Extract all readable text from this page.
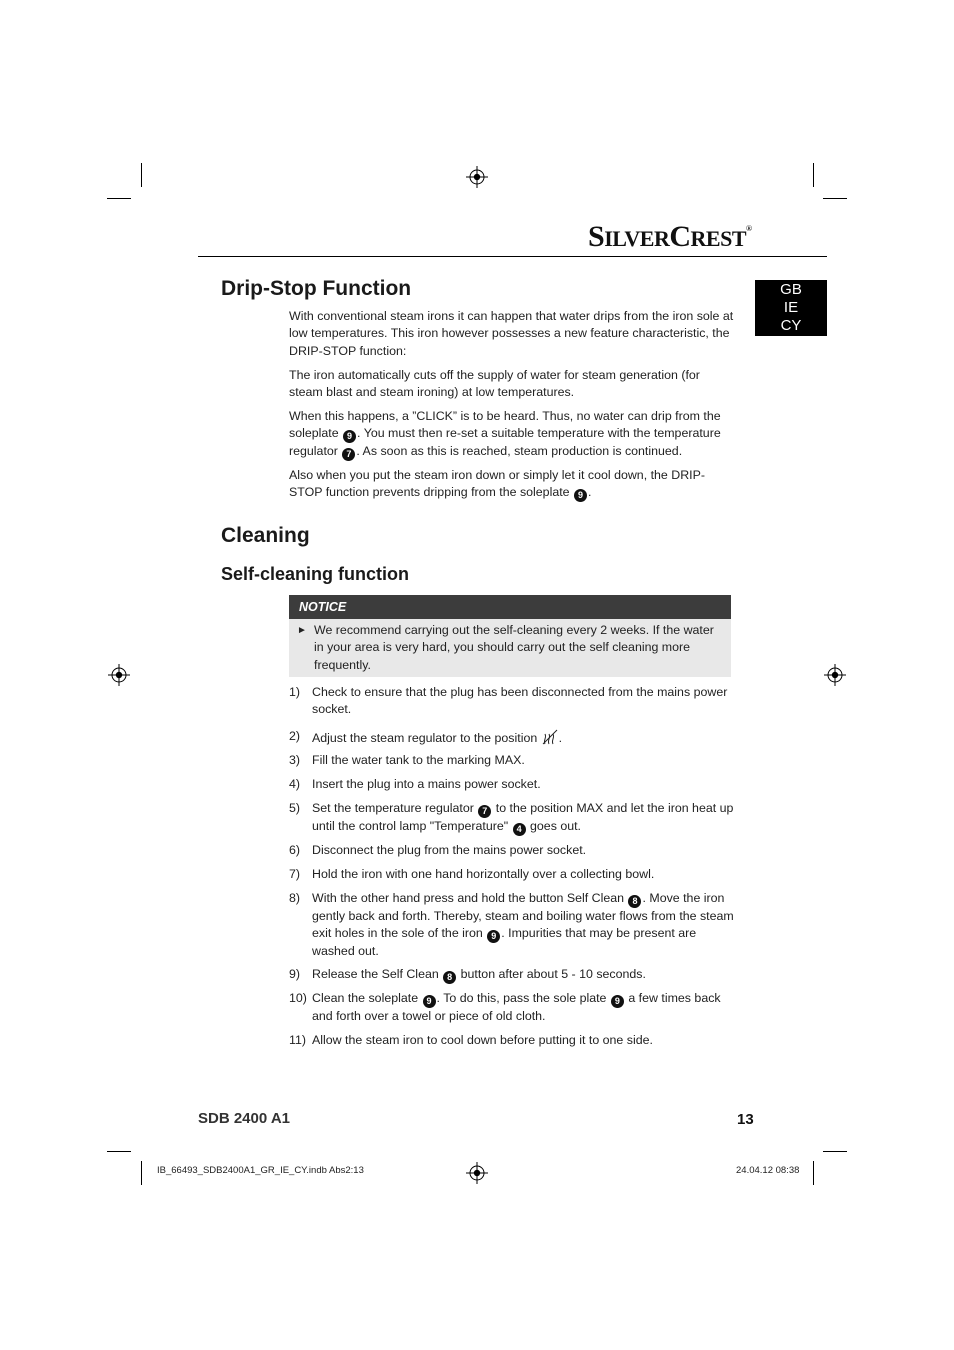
SILVERCREST®
GB
IE
CY
Drip-Stop Function
With conventional steam irons it can happen that water drips from the iron sole at low temperatures. This iron however possesses a new feature characteristic, the DRIP-STOP function:
The iron automatically cuts off the supply of water for steam generation (for steam blast and steam ironing) at low temperatures.
When this happens, a ”CLICK” is to be heard. Thus, no water can drip from the soleplate 9 . You must then re-set a suitable temperature with the temperature regulator 7 . As soon as this is reached, steam production is continued.
Also when you put the steam iron down or simply let it cool down, the DRIP-STOP function prevents dripping from the soleplate 9 .
Cleaning
Self-cleaning function
NOTICE
► We recommend carrying out the self-cleaning every 2 weeks. If the water in your area is very hard, you should carry out the self cleaning more frequently.
1) Check to ensure that the plug has been disconnected from the mains power socket.
2) Adjust the steam regulator to the position .
3) Fill the water tank to the marking MAX.
4) Insert the plug into a mains power socket.
5) Set the temperature regulator 7 to the position MAX and let the iron heat up until the control lamp "Temperature" 4 goes out.
6) Disconnect the plug from the mains power socket.
7) Hold the iron with one hand horizontally over a collecting bowl.
8) With the other hand press and hold the button Self Clean 8 . Move the iron gently back and forth. Thereby, steam and boiling water flows from the steam exit holes in the sole of the iron 9 . Impurities that may be present are washed out.
9) Release the Self Clean 8 button after about 5 - 10 seconds.
10) Clean the soleplate 9 . To do this, pass the sole plate 9 a few times back and forth over a towel or piece of old cloth.
11) Allow the steam iron to cool down before putting it to one side.
SDB 2400 A1	13
IB_66493_SDB2400A1_GR_IE_CY.indb Abs2:13	24.04.12 08:38
